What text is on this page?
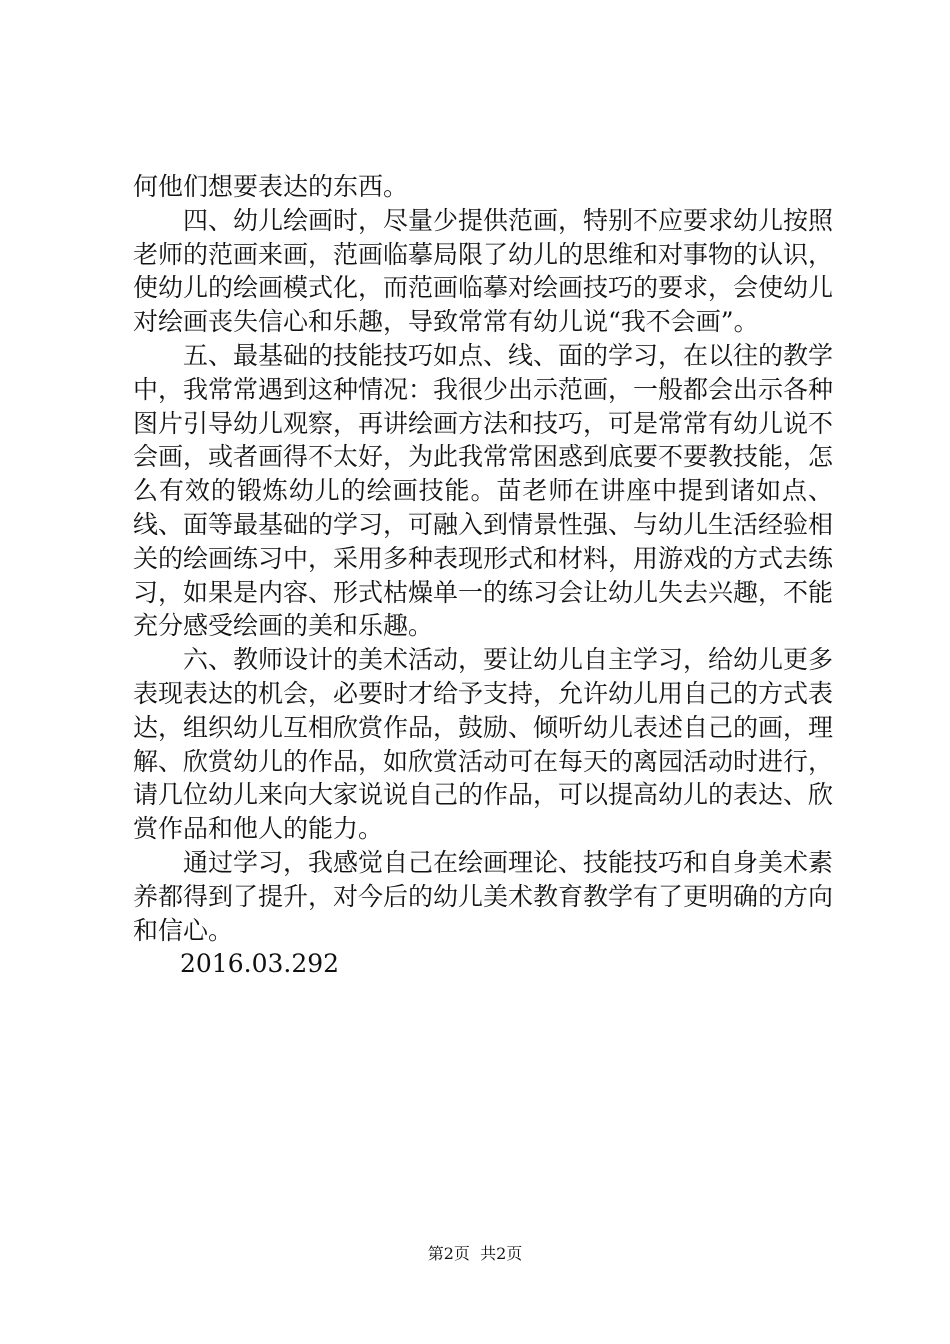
何他们想要表达的东西。

四、幼儿绘画时，尽量少提供范画，特别不应要求幼儿按照老师的范画来画，范画临摹局限了幼儿的思维和对事物的认识，使幼儿的绘画模式化，而范画临摹对绘画技巧的要求，会使幼儿对绘画丧失信心和乐趣，导致常常有幼儿说“我不会画”。

五、最基础的技能技巧如点、线、面的学习，在以往的教学中，我常常遇到这种情况：我很少出示范画，一般都会出示各种图片引导幼儿观察，再讲绘画方法和技巧，可是常常有幼儿说不会画，或者画得不太好，为此我常常困惑到底要不要教技能，怎么有效的锻炼幼儿的绘画技能。苗老师在讲座中提到诸如点、线、面等最基础的学习，可融入到情景性强、与幼儿生活经验相关的绘画练习中，采用多种表现形式和材料，用游戏的方式去练习，如果是内容、形式枯燥单一的练习会让幼儿失去兴趣，不能充分感受绘画的美和乐趣。

六、教师设计的美术活动，要让幼儿自主学习，给幼儿更多表现表达的机会，必要时才给予支持，允许幼儿用自己的方式表达，组织幼儿互相欣赏作品，鼓励、倾听幼儿表述自己的画，理解、欣赏幼儿的作品，如欣赏活动可在每天的离园活动时进行，请几位幼儿来向大家说说自己的作品，可以提高幼儿的表达、欣赏作品和他人的能力。

通过学习，我感觉自己在绘画理论、技能技巧和自身美术素养都得到了提升，对今后的幼儿美术教育教学有了更明确的方向和信心。

2016.03.292

第2页  共2页
